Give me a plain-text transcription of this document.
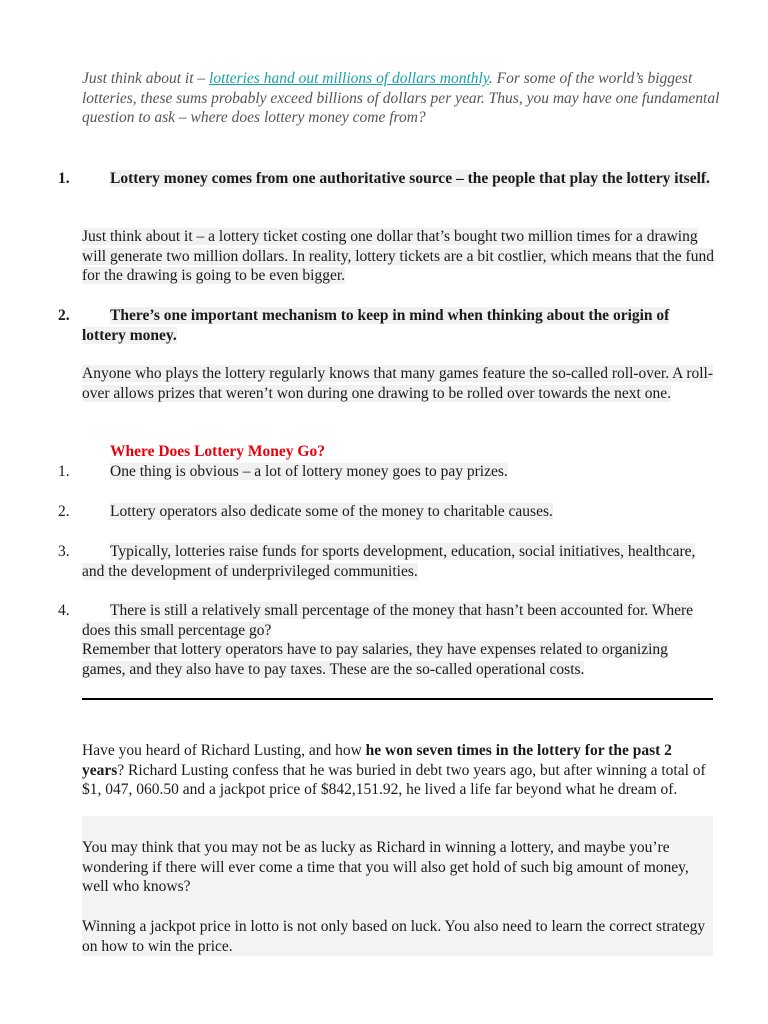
Just think about it – lotteries hand out millions of dollars monthly. For some of the world’s biggest lotteries, these sums probably exceed billions of dollars per year. Thus, you may have one fundamental question to ask – where does lottery money come from?
1.	Lottery money comes from one authoritative source – the people that play the lottery itself.
Just think about it – a lottery ticket costing one dollar that’s bought two million times for a drawing will generate two million dollars. In reality, lottery tickets are a bit costlier, which means that the fund for the drawing is going to be even bigger.
2.	There’s one important mechanism to keep in mind when thinking about the origin of lottery money.
Anyone who plays the lottery regularly knows that many games feature the so-called roll-over. A roll-over allows prizes that weren’t won during one drawing to be rolled over towards the next one.
Where Does Lottery Money Go?
1.	One thing is obvious – a lot of lottery money goes to pay prizes.
2.	Lottery operators also dedicate some of the money to charitable causes.
3.	Typically, lotteries raise funds for sports development, education, social initiatives, healthcare, and the development of underprivileged communities.
4.	There is still a relatively small percentage of the money that hasn’t been accounted for. Where does this small percentage go?
Remember that lottery operators have to pay salaries, they have expenses related to organizing games, and they also have to pay taxes. These are the so-called operational costs.
Have you heard of Richard Lusting, and how he won seven times in the lottery for the past 2 years? Richard Lusting confess that he was buried in debt two years ago, but after winning a total of $1, 047, 060.50 and a jackpot price of $842,151.92, he lived a life far beyond what he dream of.
You may think that you may not be as lucky as Richard in winning a lottery, and maybe you’re wondering if there will ever come a time that you will also get hold of such big amount of money, well who knows?
Winning a jackpot price in lotto is not only based on luck. You also need to learn the correct strategy on how to win the price.
